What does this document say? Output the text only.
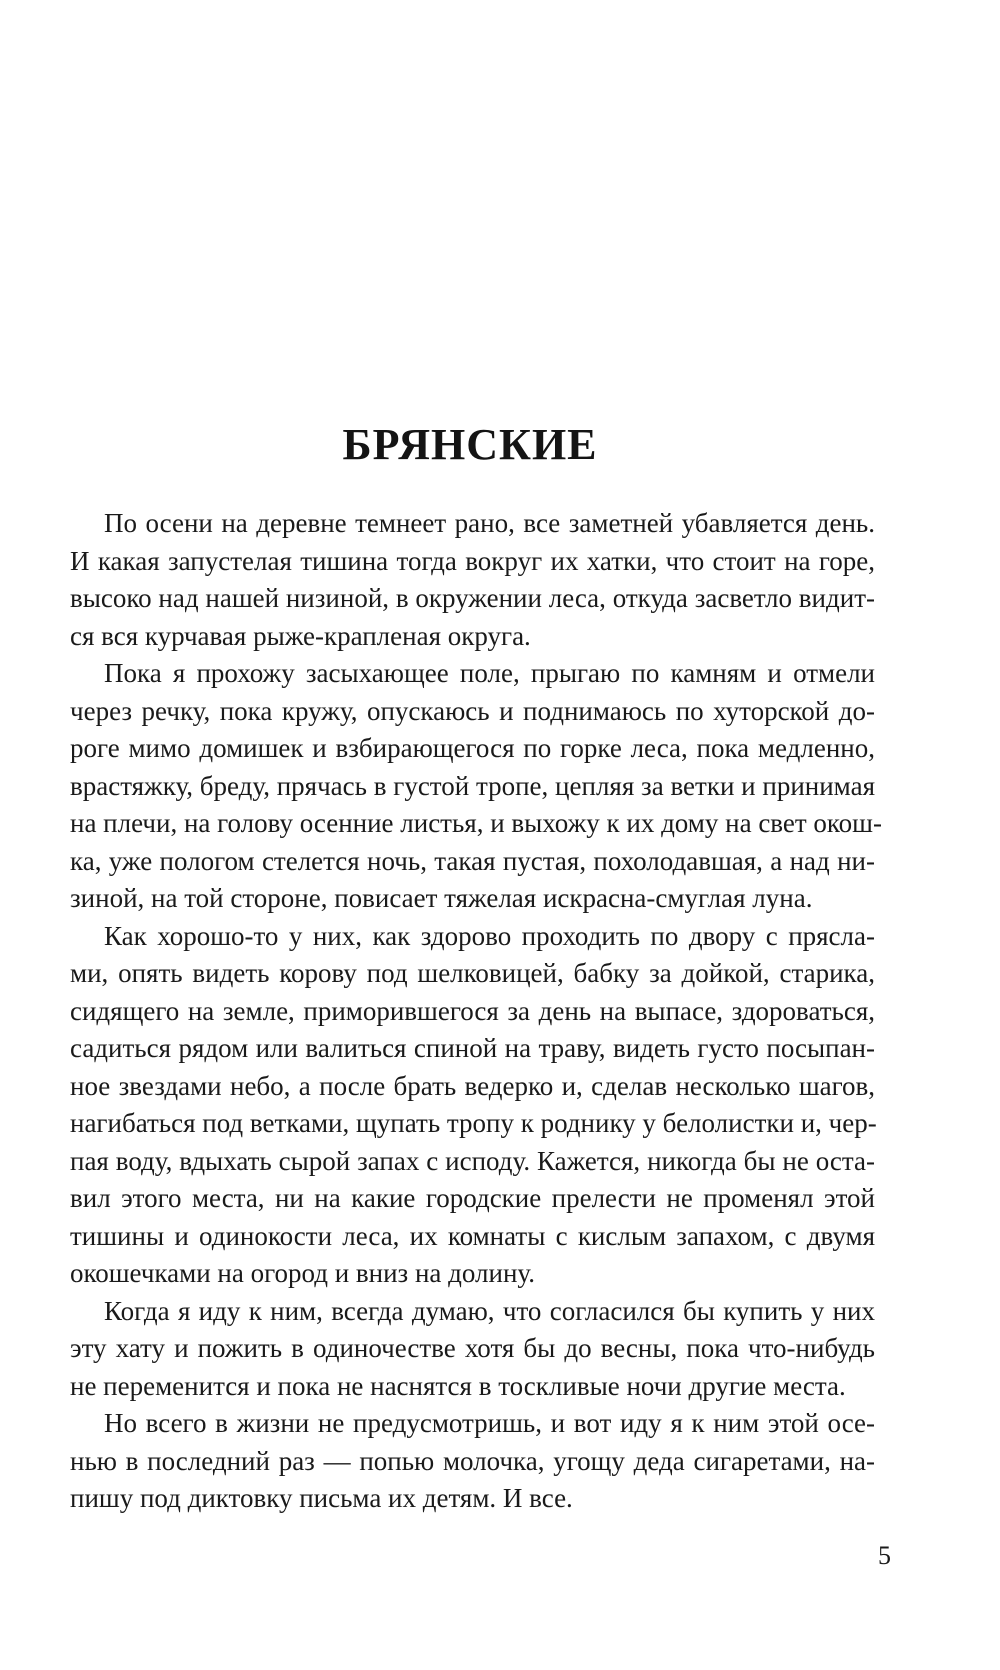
БРЯНСКИЕ

По осени на деревне темнеет рано, все заметней убавляется день.
И какая запустелая тишина тогда вокруг их хатки, что стоит на горе,
высоко над нашей низиной, в окружении леса, откуда засветло видит-
ся вся курчавая рыже-крапленая округа.

Пока я прохожу засыхающее поле, прыгаю по камням и отмели
через речку, пока кружу, опускаюсь и поднимаюсь по хуторской до-
роге мимо домишек и взбирающегося по горке леса, пока медленно,
врастяжку, бреду, прячась в густой тропе, цепляя за ветки и принимая
на плечи, на голову осенние листья, и выхожу к их дому на свет окош-
ка, уже пологом стелется ночь, такая пустая, похолодавшая, а над ни-
зиной, на той стороне, повисает тяжелая искрасна-смуглая луна.

Как хорошо-то у них, как здорово проходить по двору с прясла-
ми, опять видеть корову под шелковицей, бабку за дойкой, старика,
сидящего на земле, приморившегося за день на выпасе, здороваться,
садиться рядом или валиться спиной на траву, видеть густо посыпан-
ное звездами небо, а после брать ведерко и, сделав несколько шагов,
нагибаться под ветками, щупать тропу к роднику у белолистки и, чер-
пая воду, вдыхать сырой запах с исподу. Кажется, никогда бы не оста-
вил этого места, ни на какие городские прелести не променял этой
тишины и одинокости леса, их комнаты с кислым запахом, с двумя
окошечками на огород и вниз на долину.

Когда я иду к ним, всегда думаю, что согласился бы купить у них
эту хату и пожить в одиночестве хотя бы до весны, пока что-нибудь
не переменится и пока не наснятся в тоскливые ночи другие места.

Но всего в жизни не предусмотришь, и вот иду я к ним этой осе-
нью в последний раз — попью молочка, угощу деда сигаретами, на-
пишу под диктовку письма их детям. И все.

5
